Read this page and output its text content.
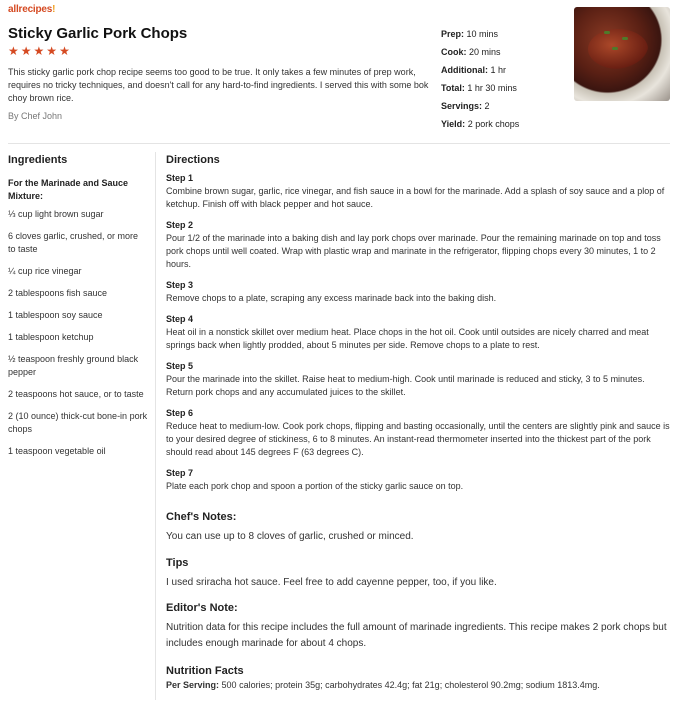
allrecipes!
Sticky Garlic Pork Chops
★ ★ ★ ★ ★

This sticky garlic pork chop recipe seems too good to be true. It only takes a few minutes of prep work, requires no tricky techniques, and doesn't call for any hard-to-find ingredients. I served this with some bok choy brown rice.

By Chef John
Prep: 10 mins
Cook: 20 mins
Additional: 1 hr
Total: 1 hr 30 mins
Servings: 2
Yield: 2 pork chops
Ingredients
For the Marinade and Sauce Mixture:
⅓ cup light brown sugar
6 cloves garlic, crushed, or more to taste
¼ cup rice vinegar
2 tablespoons fish sauce
1 tablespoon soy sauce
1 tablespoon ketchup
½ teaspoon freshly ground black pepper
2 teaspoons hot sauce, or to taste
2 (10 ounce) thick-cut bone-in pork chops
1 teaspoon vegetable oil
Directions
Step 1
Combine brown sugar, garlic, rice vinegar, and fish sauce in a bowl for the marinade. Add a splash of soy sauce and a plop of ketchup. Finish off with black pepper and hot sauce.
Step 2
Pour 1/2 of the marinade into a baking dish and lay pork chops over marinade. Pour the remaining marinade on top and toss pork chops until well coated. Wrap with plastic wrap and marinate in the refrigerator, flipping chops every 30 minutes, 1 to 2 hours.
Step 3
Remove chops to a plate, scraping any excess marinade back into the baking dish.
Step 4
Heat oil in a nonstick skillet over medium heat. Place chops in the hot oil. Cook until outsides are nicely charred and meat springs back when lightly prodded, about 5 minutes per side. Remove chops to a plate to rest.
Step 5
Pour the marinade into the skillet. Raise heat to medium-high. Cook until marinade is reduced and sticky, 3 to 5 minutes. Return pork chops and any accumulated juices to the skillet.
Step 6
Reduce heat to medium-low. Cook pork chops, flipping and basting occasionally, until the centers are slightly pink and sauce is to your desired degree of stickiness, 6 to 8 minutes. An instant-read thermometer inserted into the thickest part of the pork should read about 145 degrees F (63 degrees C).
Step 7
Plate each pork chop and spoon a portion of the sticky garlic sauce on top.
Chef's Notes:
You can use up to 8 cloves of garlic, crushed or minced.
Tips
I used sriracha hot sauce. Feel free to add cayenne pepper, too, if you like.
Editor's Note:
Nutrition data for this recipe includes the full amount of marinade ingredients. This recipe makes 2 pork chops but includes enough marinade for about 4 chops.
Nutrition Facts
Per Serving: 500 calories; protein 35g; carbohydrates 42.4g; fat 21g; cholesterol 90.2mg; sodium 1813.4mg.
